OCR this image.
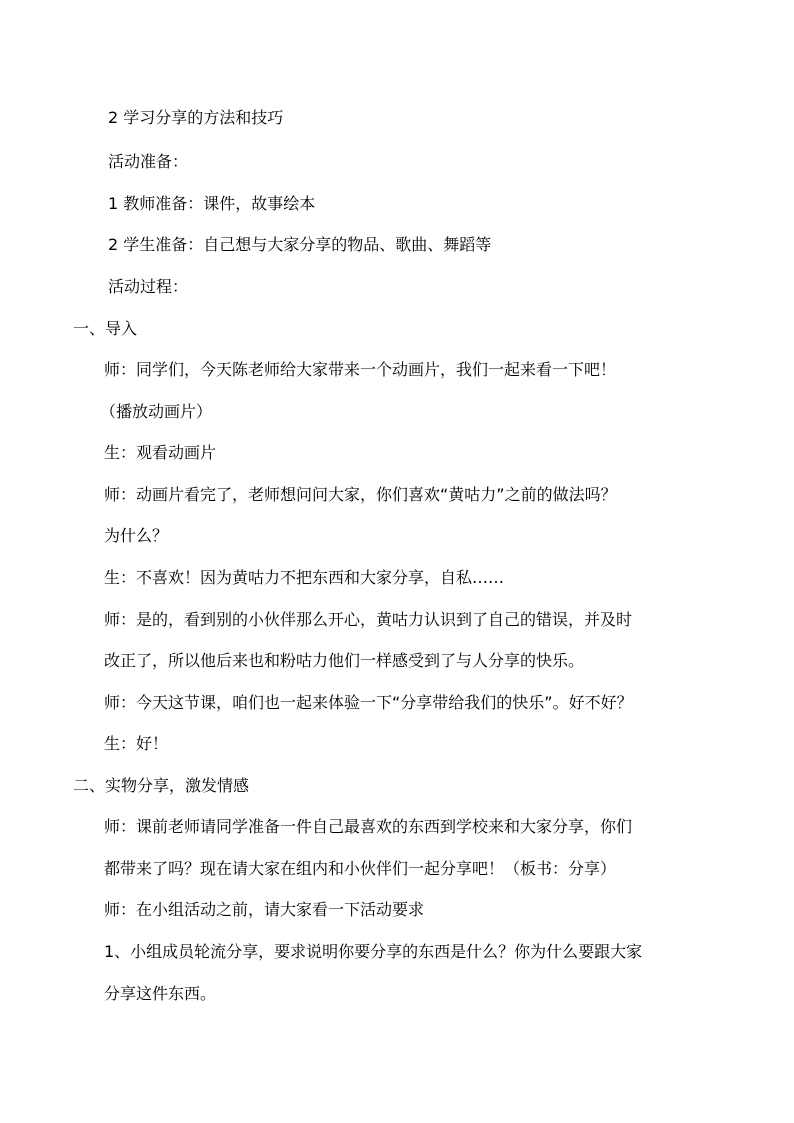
2 学习分享的方法和技巧
活动准备：
1 教师准备：课件，故事绘本
2 学生准备：自己想与大家分享的物品、歌曲、舞蹈等
活动过程：
一、导入
师：同学们，今天陈老师给大家带来一个动画片，我们一起来看一下吧！
（播放动画片）
生：观看动画片
师：动画片看完了，老师想问问大家，你们喜欢“黄咕力”之前的做法吗？
为什么？
生：不喜欢！因为黄咕力不把东西和大家分享，自私……
师：是的，看到别的小伙伴那么开心，黄咕力认识到了自己的错误，并及时
改正了，所以他后来也和粉咕力他们一样感受到了与人分享的快乐。
师：今天这节课，咱们也一起来体验一下“分享带给我们的快乐”。好不好？
生：好！
二、实物分享，激发情感
师：课前老师请同学准备一件自己最喜欢的东西到学校来和大家分享，你们
都带来了吗？现在请大家在组内和小伙伴们一起分享吧！（板书：分享）
师：在小组活动之前，请大家看一下活动要求
1、小组成员轮流分享，要求说明你要分享的东西是什么？你为什么要跟大家
分享这件东西。
